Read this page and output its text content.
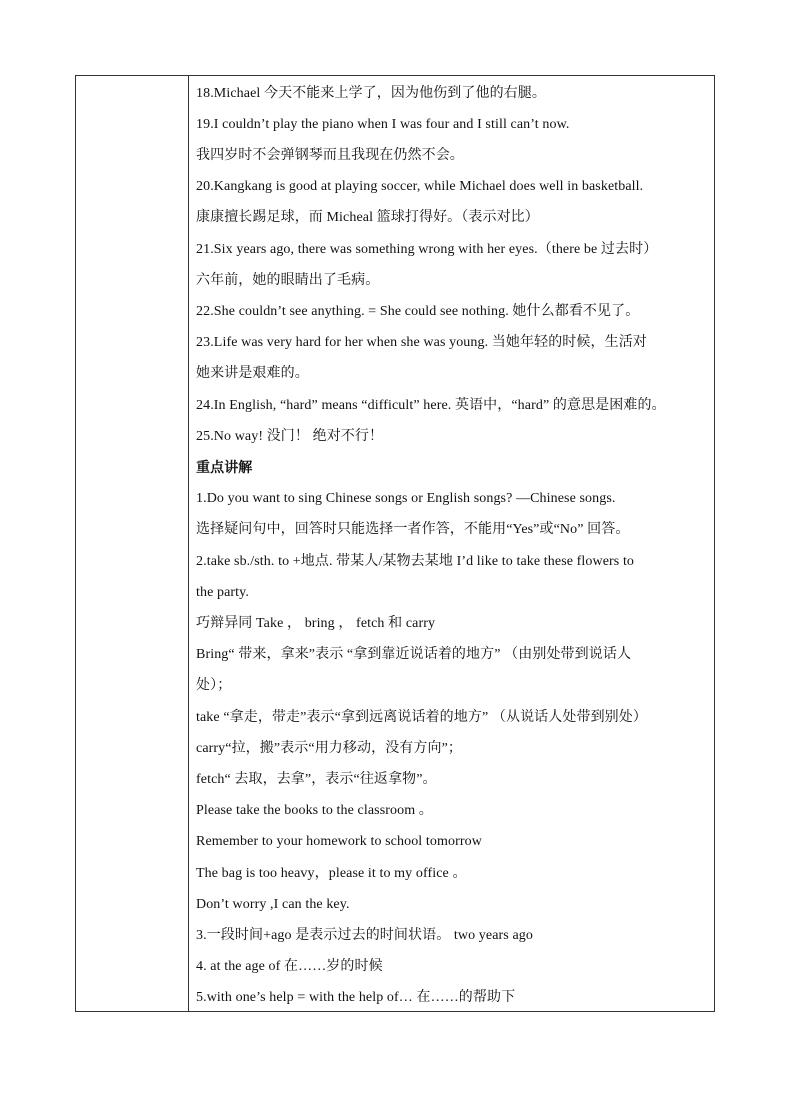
18.Michael 今天不能来上学了，因为他伤到了他的右腿。
19.I couldn’t play the piano when I was four and I still can’t now.
我四岁时不会弹钢琴而且我现在仍然不会。
20.Kangkang is good at playing soccer, while Michael does well in basketball.
康康擅长踢足球，而 Micheal 篮球打得好。（表示对比）
21.Six years ago, there was something wrong with her eyes.（there be 过去时）
六年前，她的眼睛出了毛病。
22.She couldn’t see anything. = She could see nothing. 她什么都看不见了。
23.Life was very hard for her when she was young. 当她年轻的时候，生活对
她来讲是艰难的。
24.In English, “hard” means “difficult” here. 英语中，“hard” 的意思是困难的。
25.No way! 没门！ 绝对不行！
重点讲解
1.Do you want to sing Chinese songs or English songs? —Chinese songs.
选择疑问句中，回答时只能选择一者作答，不能用“Yes”或“No” 回答。
2.take sb./sth. to +地点. 带某人/某物去某地 I’d like to take these flowers to
the party.
巧辩异同 Take ， bring ， fetch 和 carry
Bring“ 带来，拿来”表示 “拿到靠近说话着的地方” （由别处带到说话人
处）；
take “拿走，带走”表示“拿到远离说话着的地方” （从说话人处带到别处）
carry“拉，搬”表示“用力移动，没有方向”；
fetch“ 去取，去拿”，表示“往返拿物”。
Please take the books to the classroom 。
Remember to your homework to school tomorrow
The bag is too heavy，please it to my office 。
Don’t worry ,I can the key.
3.一段时间+ago 是表示过去的时间状语。 two years ago
4. at the age of 在……岁的时候
5.with one’s help = with the help of… 在……的帮助下
